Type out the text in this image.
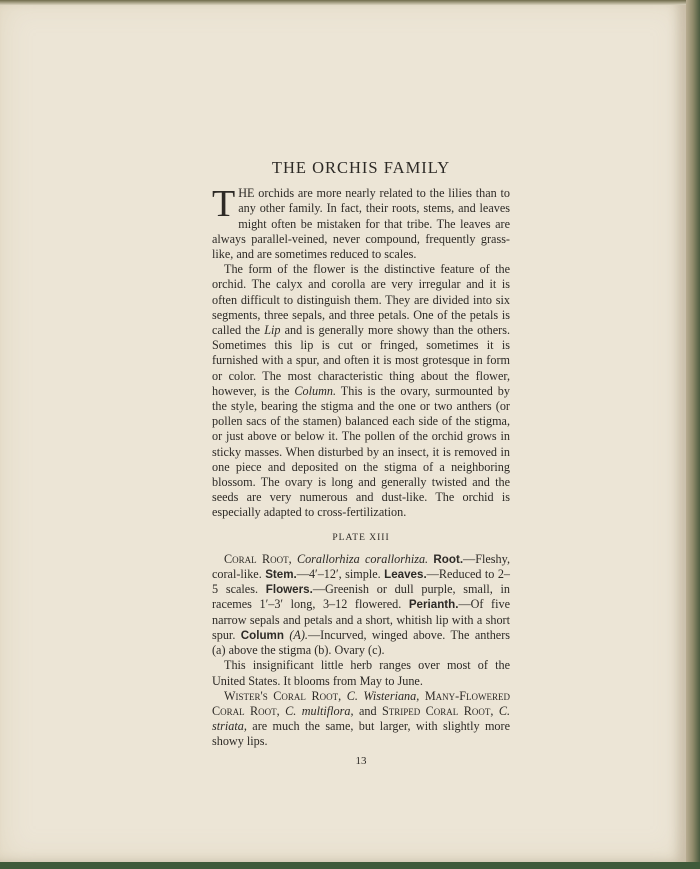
THE ORCHIS FAMILY

THE orchids are more nearly related to the lilies than to any other family. In fact, their roots, stems, and leaves might often be mistaken for that tribe. The leaves are always parallel-veined, never compound, frequently grass-like, and are sometimes reduced to scales.

The form of the flower is the distinctive feature of the orchid. The calyx and corolla are very irregular and it is often difficult to distinguish them. They are divided into six segments, three sepals, and three petals. One of the petals is called the Lip and is generally more showy than the others. Sometimes this lip is cut or fringed, sometimes it is furnished with a spur, and often it is most grotesque in form or color. The most characteristic thing about the flower, however, is the Column. This is the ovary, surmounted by the style, bearing the stigma and the one or two anthers (or pollen sacs of the stamen) balanced each side of the stigma, or just above or below it. The pollen of the orchid grows in sticky masses. When disturbed by an insect, it is removed in one piece and deposited on the stigma of a neighboring blossom. The ovary is long and generally twisted and the seeds are very numerous and dust-like. The orchid is especially adapted to cross-fertilization.

PLATE XIII

Coral Root, Corallorhiza corallorhiza. Root.—Fleshy, coral-like. Stem.—4′–12′, simple. Leaves.—Reduced to 2–5 scales. Flowers.—Greenish or dull purple, small, in racemes 1′–3′ long, 3–12 flowered. Perianth.—Of five narrow sepals and petals and a short, whitish lip with a short spur. Column (A).—Incurved, winged above. The anthers (a) above the stigma (b). Ovary (c).

This insignificant little herb ranges over most of the United States. It blooms from May to June.

Wister's Coral Root, C. Wisteriana, Many-Flowered Coral Root, C. multiflora, and Striped Coral Root, C. striata, are much the same, but larger, with slightly more showy lips.

13
